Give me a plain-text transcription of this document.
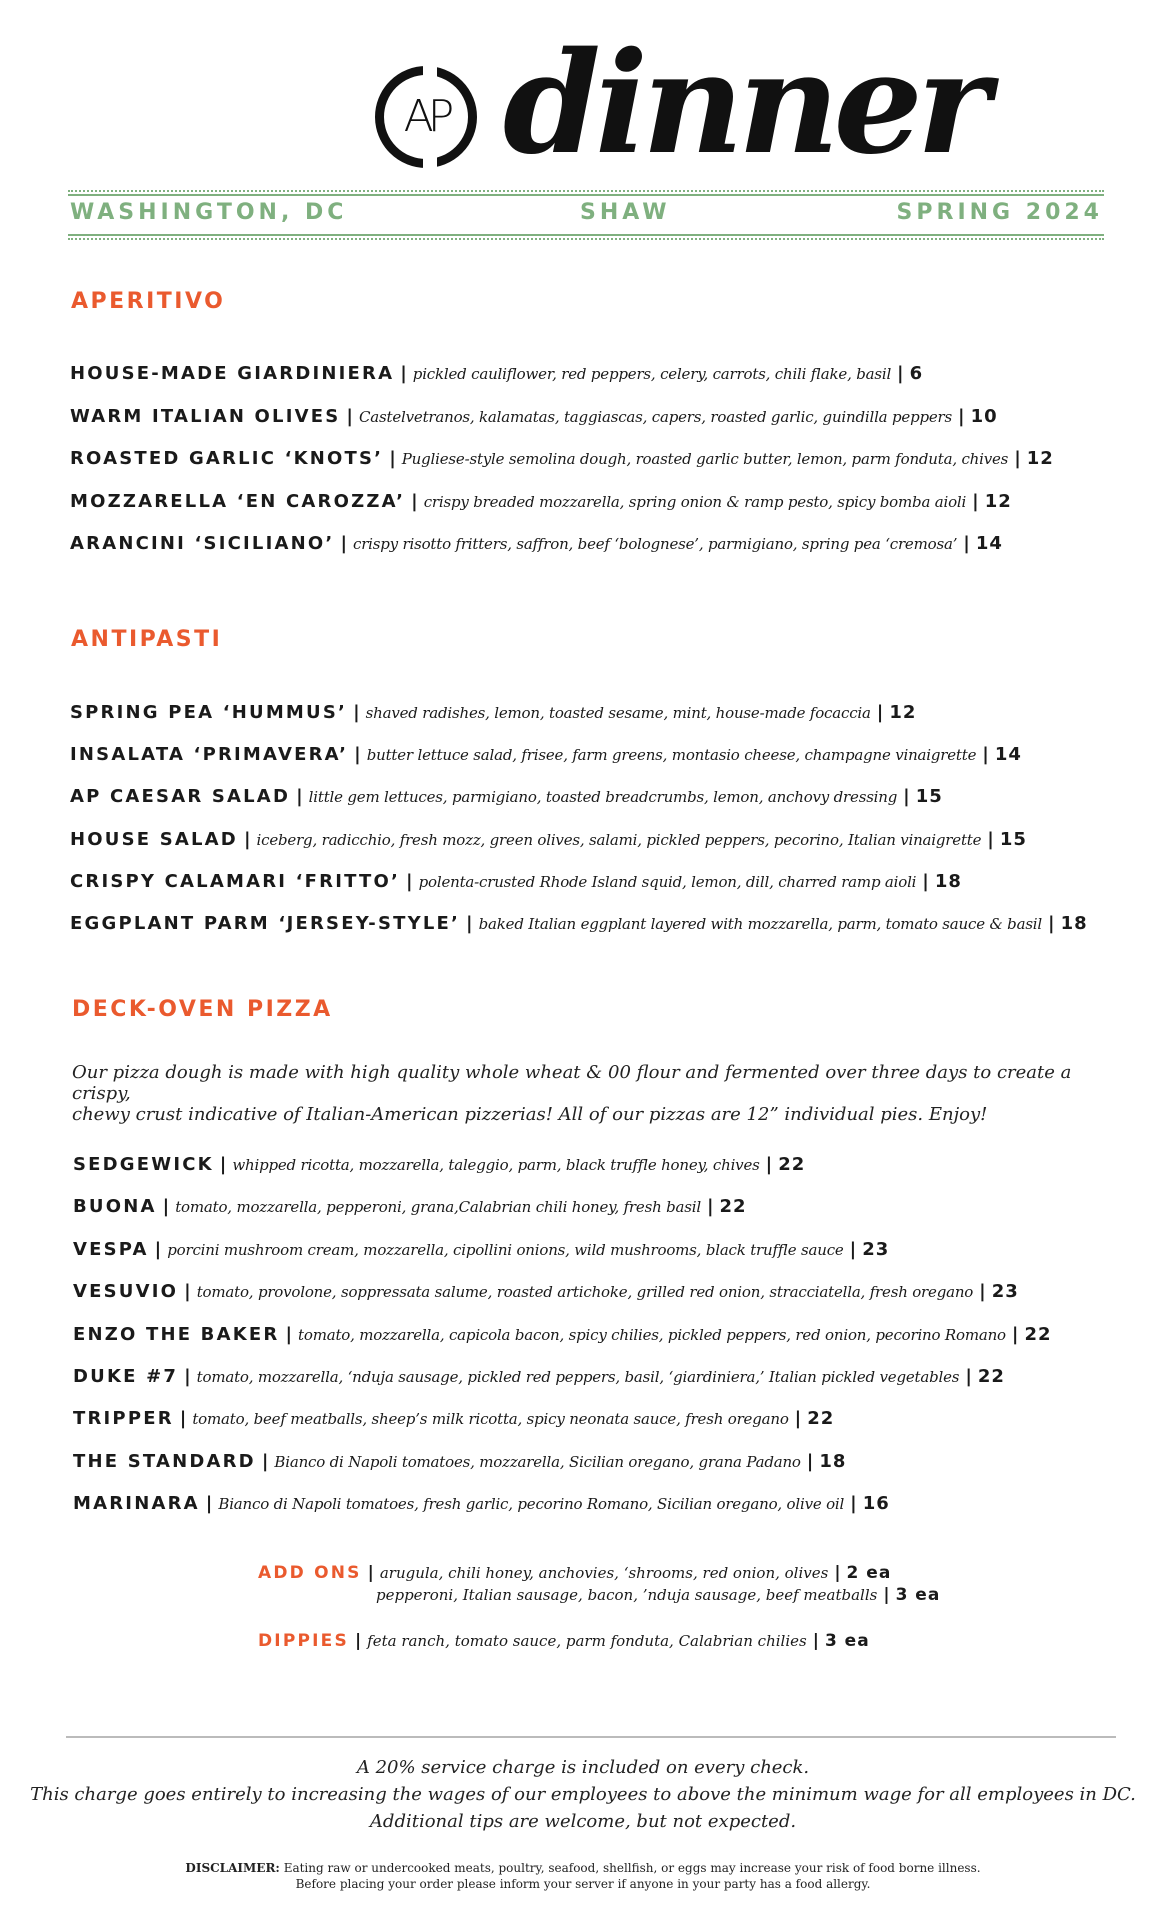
AP dinner
WASHINGTON, DC	SHAW	SPRING 2024
APERITIVO
HOUSE-MADE GIARDINIERA | pickled cauliflower, red peppers, celery, carrots, chili flake, basil | 6
WARM ITALIAN OLIVES | Castelvetranos, kalamatas, taggiascas, capers, roasted garlic, guindilla peppers | 10
ROASTED GARLIC ‘KNOTS’ | Pugliese-style semolina dough, roasted garlic butter, lemon, parm fonduta, chives | 12
MOZZARELLA ‘EN CAROZZA’ | crispy breaded mozzarella, spring onion & ramp pesto, spicy bomba aioli | 12
ARANCINI ‘SICILIANO’ | crispy risotto fritters, saffron, beef ‘bolognese’, parmigiano, spring pea ‘cremosa’ | 14
ANTIPASTI
SPRING PEA ‘HUMMUS’ | shaved radishes, lemon, toasted sesame, mint, house-made focaccia | 12
INSALATA ‘PRIMAVERA’ | butter lettuce salad, frisee, farm greens, montasio cheese, champagne vinaigrette | 14
AP CAESAR SALAD | little gem lettuces, parmigiano, toasted breadcrumbs, lemon, anchovy dressing | 15
HOUSE SALAD | iceberg, radicchio, fresh mozz, green olives, salami, pickled peppers, pecorino, Italian vinaigrette | 15
CRISPY CALAMARI ‘FRITTO’ | polenta-crusted Rhode Island squid, lemon, dill, charred ramp aioli | 18
EGGPLANT PARM ‘JERSEY-STYLE’ | baked Italian eggplant layered with mozzarella, parm, tomato sauce & basil | 18
DECK-OVEN PIZZA
Our pizza dough is made with high quality whole wheat & 00 flour and fermented over three days to create a crispy,
chewy crust indicative of Italian-American pizzerias! All of our pizzas are 12” individual pies. Enjoy!
SEDGEWICK | whipped ricotta, mozzarella, taleggio, parm, black truffle honey, chives | 22
BUONA | tomato, mozzarella, pepperoni, grana,Calabrian chili honey, fresh basil | 22
VESPA | porcini mushroom cream, mozzarella, cipollini onions, wild mushrooms, black truffle sauce | 23
VESUVIO | tomato, provolone, soppressata salume, roasted artichoke, grilled red onion, stracciatella, fresh oregano | 23
ENZO THE BAKER | tomato, mozzarella, capicola bacon, spicy chilies, pickled peppers, red onion, pecorino Romano | 22
DUKE #7 | tomato, mozzarella, ‘nduja sausage, pickled red peppers, basil, ‘giardiniera,’ Italian pickled vegetables | 22
TRIPPER | tomato, beef meatballs, sheep’s milk ricotta, spicy neonata sauce, fresh oregano | 22
THE STANDARD | Bianco di Napoli tomatoes, mozzarella, Sicilian oregano, grana Padano | 18
MARINARA | Bianco di Napoli tomatoes, fresh garlic, pecorino Romano, Sicilian oregano, olive oil | 16
ADD ONS | arugula, chili honey, anchovies, ‘shrooms, red onion, olives | 2 ea
pepperoni, Italian sausage, bacon, ’nduja sausage, beef meatballs | 3 ea
DIPPIES | feta ranch, tomato sauce, parm fonduta, Calabrian chilies | 3 ea
A 20% service charge is included on every check.
This charge goes entirely to increasing the wages of our employees to above the minimum wage for all employees in DC.
Additional tips are welcome, but not expected.
DISCLAIMER: Eating raw or undercooked meats, poultry, seafood, shellfish, or eggs may increase your risk of food borne illness.
Before placing your order please inform your server if anyone in your party has a food allergy.
